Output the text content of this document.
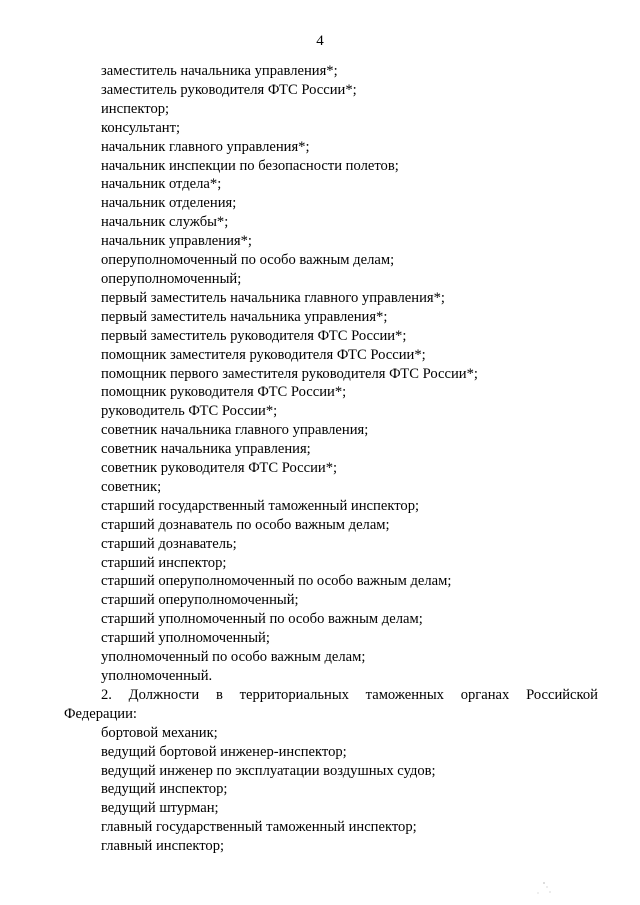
4
заместитель начальника управления*;
заместитель руководителя ФТС России*;
инспектор;
консультант;
начальник главного управления*;
начальник инспекции по безопасности полетов;
начальник отдела*;
начальник отделения;
начальник службы*;
начальник управления*;
оперуполномоченный по особо важным делам;
оперуполномоченный;
первый заместитель начальника главного управления*;
первый заместитель начальника управления*;
первый заместитель руководителя ФТС России*;
помощник заместителя руководителя ФТС России*;
помощник первого заместителя руководителя ФТС России*;
помощник руководителя ФТС России*;
руководитель ФТС России*;
советник начальника главного управления;
советник начальника управления;
советник руководителя ФТС России*;
советник;
старший государственный таможенный инспектор;
старший дознаватель по особо важным делам;
старший дознаватель;
старший инспектор;
старший оперуполномоченный по особо важным делам;
старший оперуполномоченный;
старший уполномоченный по особо важным делам;
старший уполномоченный;
уполномоченный по особо важным делам;
уполномоченный.
2. Должности в территориальных таможенных органах Российской
Федерации:
бортовой механик;
ведущий бортовой инженер-инспектор;
ведущий инженер по эксплуатации воздушных судов;
ведущий инспектор;
ведущий штурман;
главный государственный таможенный инспектор;
главный инспектор;
